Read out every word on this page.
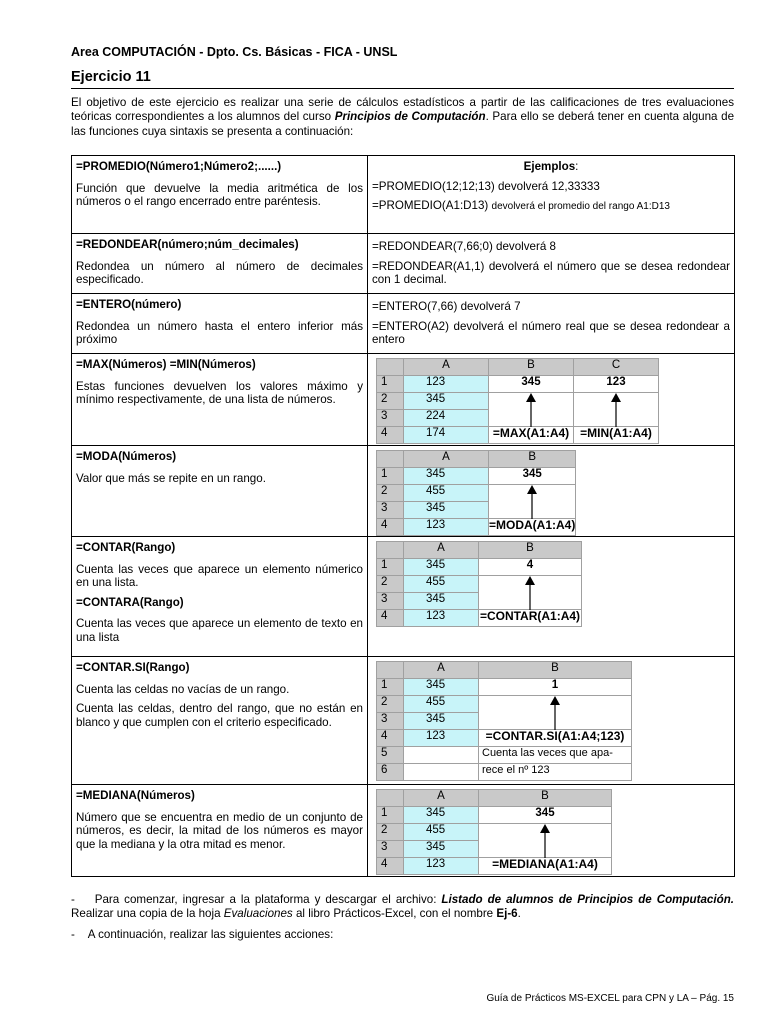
Area COMPUTACIÓN - Dpto. Cs. Básicas - FICA - UNSL
Ejercicio 11
El objetivo de este ejercicio es realizar una serie de cálculos estadísticos a partir de las calificaciones de tres evaluaciones teóricas correspondientes a los alumnos del curso Principios de Computación. Para ello se deberá tener en cuenta alguna de las funciones cuya sintaxis se presenta a continuación:
=PROMEDIO(Número1;Número2;......)
Función que devuelve la media aritmética de los números o el rango encerrado entre paréntesis.

Ejemplos:
=PROMEDIO(12;12;13) devolverá 12,33333
=PROMEDIO(A1:D13) devolverá el promedio del rango A1:D13

=REDONDEAR(número;núm_decimales)
Redondea un número al número de decimales especificado.

=REDONDEAR(7,66;0) devolverá 8
=REDONDEAR(A1,1) devolverá el número que se desea redondear con 1 decimal.

=ENTERO(número)
Redondea un número hasta el entero inferior más próximo

=ENTERO(7,66) devolverá 7
=ENTERO(A2) devolverá el número real que se desea redondear a entero

=MAX(Números) =MIN(Números)
Estas funciones devuelven los valores máximo y mínimo respectivamente, de una lista de números.

	A	B	C
1	123	345	123
2	345	

3	224
4	174	=MAX(A1:A4)	=MIN(A1:A4)

=MODA(Números)
Valor que más se repite en un rango.

	A	B
1	345	345
2	455	

3	345
4	123	=MODA(A1:A4)

=CONTAR(Rango)
Cuenta las veces que aparece un elemento númerico en una lista.
=CONTARA(Rango)
Cuenta las veces que aparece un elemento de texto en una lista

	A	B
1	345	4
2	455	

3	345
4	123	=CONTAR(A1:A4)

=CONTAR.SI(Rango)
Cuenta las celdas no vacías de un rango.
Cuenta las celdas, dentro del rango, que no están en blanco y que cumplen con el criterio especificado.

	A	B
1	345	1
2	455	

3	345
4	123	=CONTAR.SI(A1:A4;123)
5		Cuenta las veces que apa-
6		rece el nº 123

=MEDIANA(Números)
Número que se encuentra en medio de un conjunto de números, es decir, la mitad de los números es mayor que la mediana y la otra mitad es menor.

	A	B
1	345	345
2	455	

3	345
4	123	=MEDIANA(A1:A4)

- Para comenzar, ingresar a la plataforma y descargar el archivo: Listado de alumnos de Principios de Computación. Realizar una copia de la hoja Evaluaciones al libro Prácticos-Excel, con el nombre Ej-6.

- A continuación, realizar las siguientes acciones:

Guía de Prácticos MS-EXCEL para CPN y LA – Pág. 15
